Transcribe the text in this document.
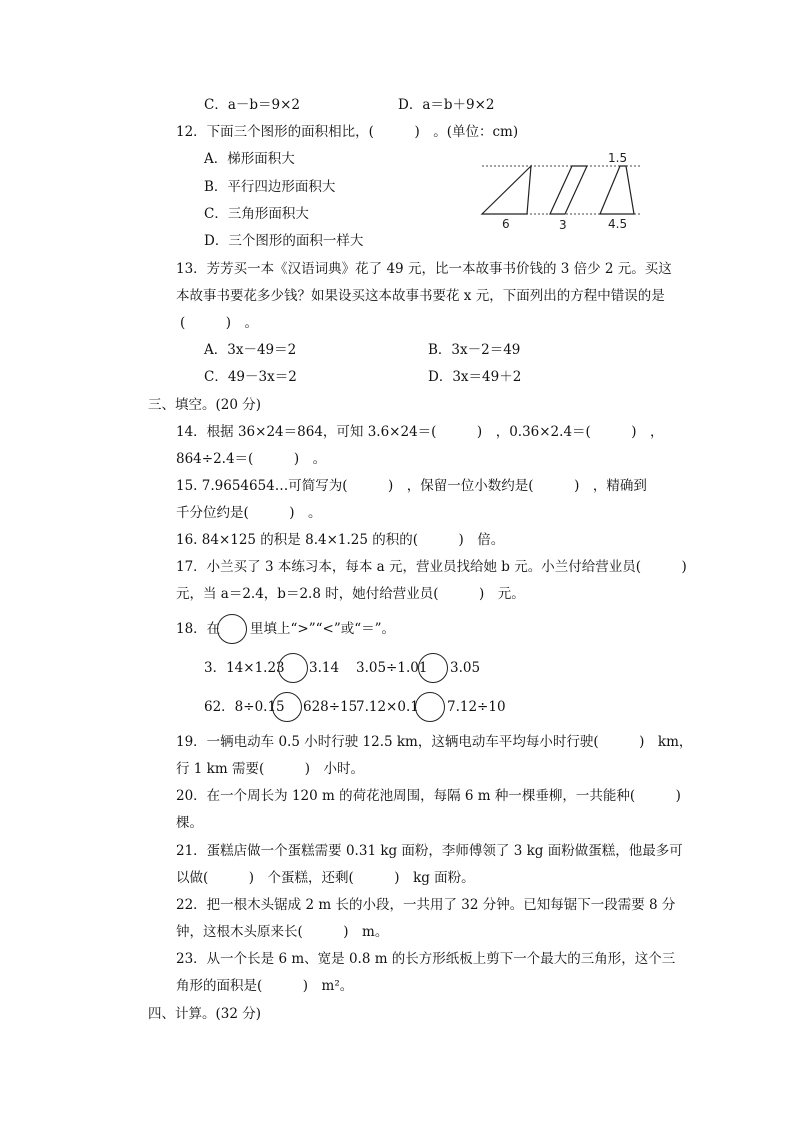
C．a－b＝9×2	D．a＝b＋9×2
12．下面三个图形的面积相比，(　　　)　。(单位：cm)
A．梯形面积大
B．平行四边形面积大
C．三角形面积大
D．三个图形的面积一样大
1.5
6	3	4.5
13．芳芳买一本《汉语词典》花了 49 元，比一本故事书价钱的 3 倍少 2 元。买这
本故事书要花多少钱？如果设买这本故事书要花 x 元，下面列出的方程中错误的是
(　　　)　。
A．3x－49＝2	B．3x－2＝49
C．49－3x＝2	D．3x＝49＋2
三、填空。(20 分)
14．根据 36×24＝864，可知 3.6×24＝(　　　)　，0.36×2.4＝(　　　)　，
864÷2.4＝(　　　)　。
15. 7.9654654…可简写为(　　　)　，保留一位小数约是(　　　)　，精确到
千分位约是(　　　)　。
16. 84×125 的积是 8.4×1.25 的积的(　　　)　倍。
17．小兰买了 3 本练习本，每本 a 元，营业员找给她 b 元。小兰付给营业员(　　　)
元，当 a＝2.4，b＝2.8 时，她付给营业员(　　　)　元。
18．在 里填上“>”“<”或“＝”。
3．14×1.23 3.14 3.05÷1.01 3.05
62．8÷0.15 628÷15
7.12×0.1 7.12÷10
19．一辆电动车 0.5 小时行驶 12.5 km，这辆电动车平均每小时行驶(　　　)　km，
行 1 km 需要(　　　)　小时。
20．在一个周长为 120 m 的荷花池周围，每隔 6 m 种一棵垂柳，一共能种(　　　)
棵。
21．蛋糕店做一个蛋糕需要 0.31 kg 面粉，李师傅领了 3 kg 面粉做蛋糕，他最多可
以做(　　　)　个蛋糕，还剩(　　　)　kg 面粉。
22．把一根木头锯成 2 m 长的小段，一共用了 32 分钟。已知每锯下一段需要 8 分
钟，这根木头原来长(　　　)　m。
23．从一个长是 6 m、宽是 0.8 m 的长方形纸板上剪下一个最大的三角形，这个三
角形的面积是(　　　)　m²。
四、计算。(32 分)
